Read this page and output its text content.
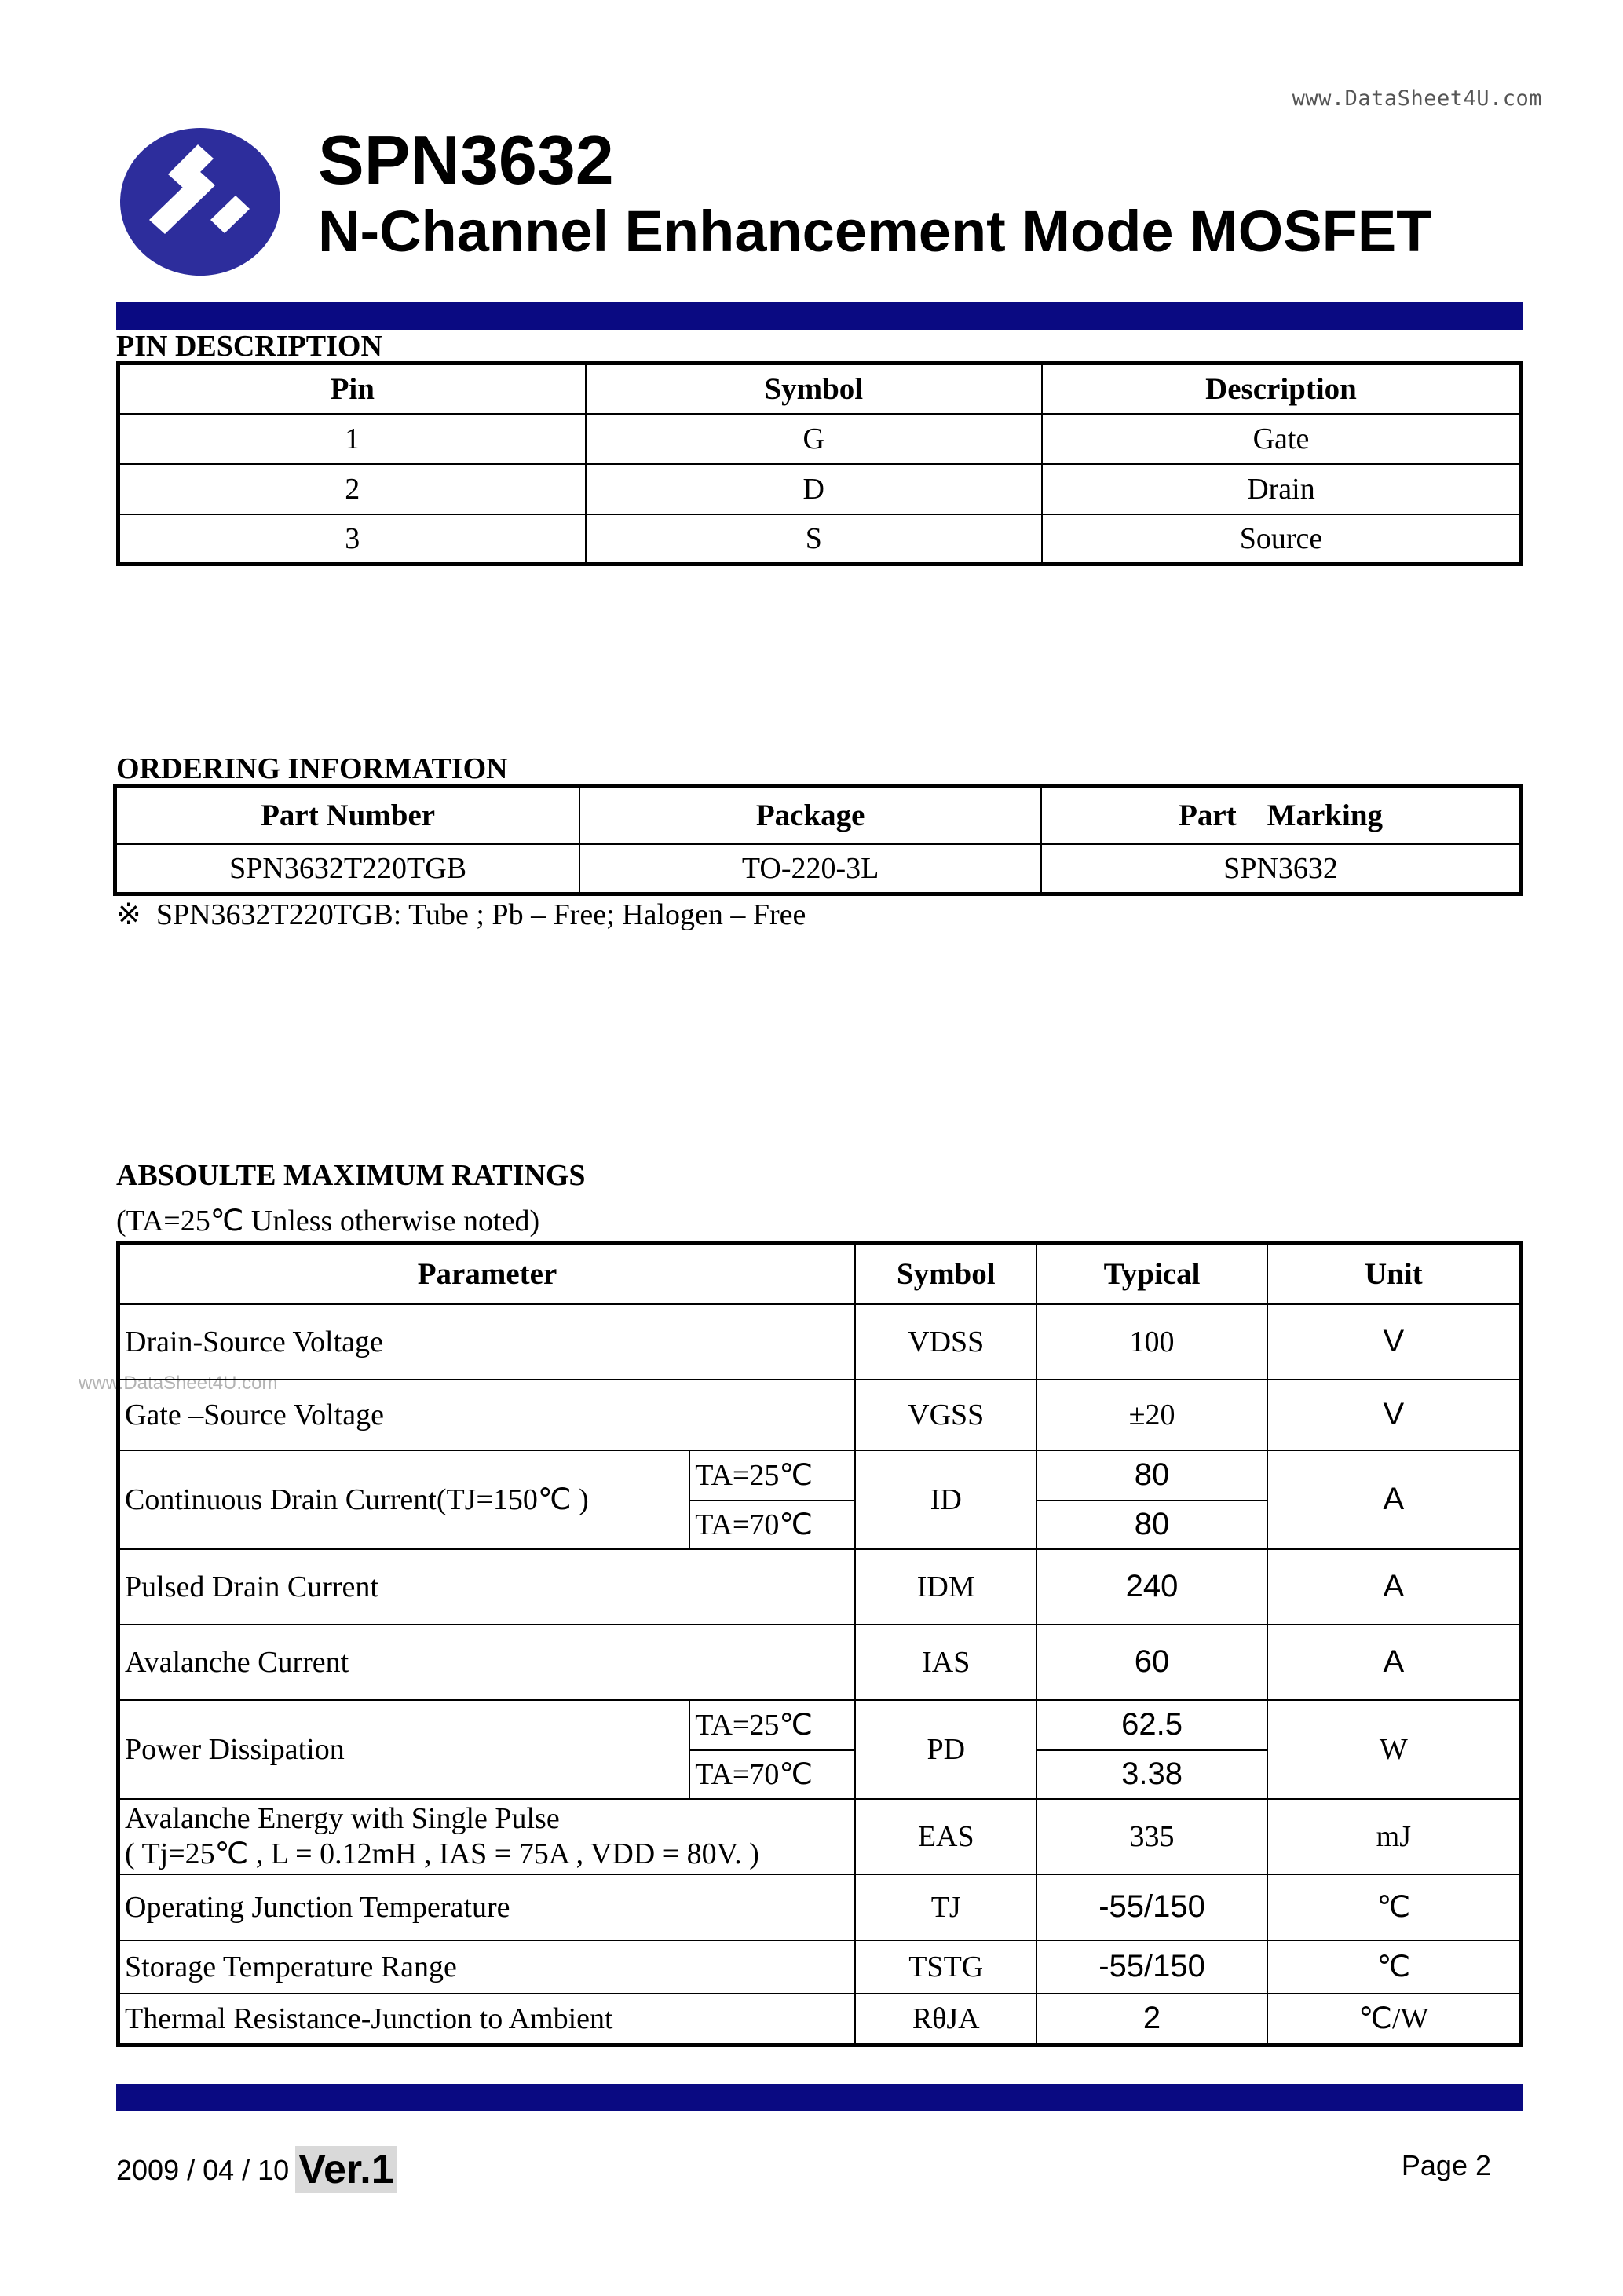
www.DataSheet4U.com
SPN3632
N-Channel Enhancement Mode MOSFET
PIN DESCRIPTION
Pin	Symbol	Description
1	G	Gate
2	D	Drain
3	S	Source
ORDERING INFORMATION
Part Number	Package	Part    Marking
SPN3632T220TGB	TO-220-3L	SPN3632
※  SPN3632T220TGB: Tube ; Pb – Free; Halogen – Free
ABSOULTE MAXIMUM RATINGS
(TA=25℃ Unless otherwise noted)
www.DataSheet4U.com
Parameter		Symbol	Typical	Unit
Drain-Source Voltage		VDSS	100	V
Gate –Source Voltage		VGSS	±20	V
Continuous Drain Current(TJ=150℃ )	TA=25℃	ID	80	A
	TA=70℃		80	
Pulsed Drain Current		IDM	240	A
Avalanche Current		IAS	60	A
Power Dissipation	TA=25℃	PD	62.5	W
	TA=70℃		3.38	

Avalanche Energy with Single Pulse
( Tj=25℃ , L = 0.12mH , IAS = 75A , VDD = 80V. )		EAS	335	mJ
Operating Junction Temperature		TJ	-55/150	℃
Storage Temperature Range		TSTG	-55/150	℃
Thermal Resistance-Junction to Ambient		RθJA	2	℃/W
2009 / 04 / 10 Ver.1	Page 2
